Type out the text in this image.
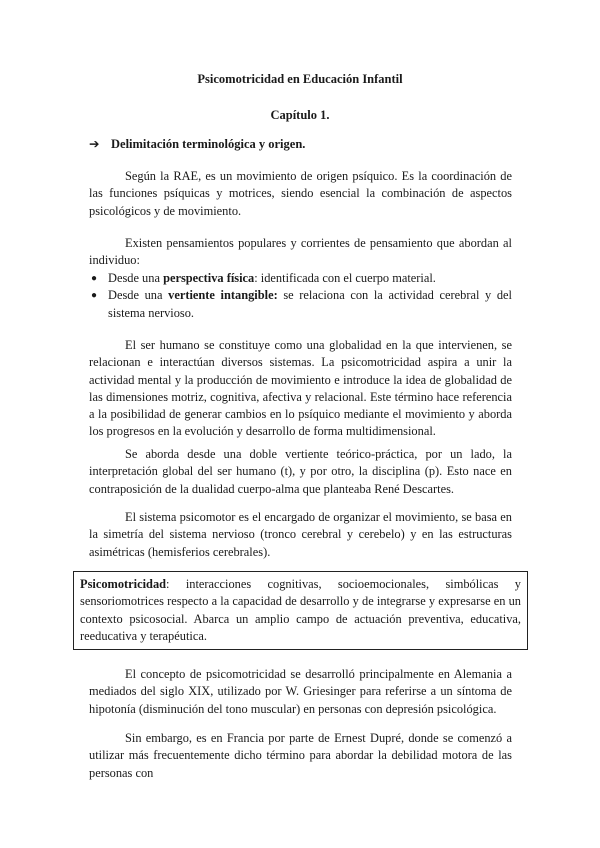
Psicomotricidad en Educación Infantil
Capítulo 1.
➔ Delimitación terminológica y origen.

Según la RAE, es un movimiento de origen psíquico. Es la coordinación de las funciones psíquicas y motrices, siendo esencial la combinación de aspectos psicológicos y de movimiento.

Existen pensamientos populares y corrientes de pensamiento que abordan al individuo:

● Desde una perspectiva física: identificada con el cuerpo material.
● Desde una vertiente intangible: se relaciona con la actividad cerebral y del sistema nervioso.

El ser humano se constituye como una globalidad en la que intervienen, se relacionan e interactúan diversos sistemas. La psicomotricidad aspira a unir la actividad mental y la producción de movimiento e introduce la idea de globalidad de las dimensiones motriz, cognitiva, afectiva y relacional. Este término hace referencia a la posibilidad de generar cambios en lo psíquico mediante el movimiento y aborda los progresos en la evolución y desarrollo de forma multidimensional.

Se aborda desde una doble vertiente teórico-práctica, por un lado, la interpretación global del ser humano (t), y por otro, la disciplina (p). Esto nace en contraposición de la dualidad cuerpo-alma que planteaba René Descartes.

El sistema psicomotor es el encargado de organizar el movimiento, se basa en la simetría del sistema nervioso (tronco cerebral y cerebelo) y en las estructuras asimétricas (hemisferios cerebrales).

Psicomotricidad: interacciones cognitivas, socioemocionales, simbólicas y sensoriomotrices respecto a la capacidad de desarrollo y de integrarse y expresarse en un contexto psicosocial. Abarca un amplio campo de actuación preventiva, educativa, reeducativa y terapéutica.

El concepto de psicomotricidad se desarrolló principalmente en Alemania a mediados del siglo XIX, utilizado por W. Griesinger para referirse a un síntoma de hipotonía (disminución del tono muscular) en personas con depresión psicológica.

Sin embargo, es en Francia por parte de Ernest Dupré, donde se comenzó a utilizar más frecuentemente dicho término para abordar la debilidad motora de las personas con
